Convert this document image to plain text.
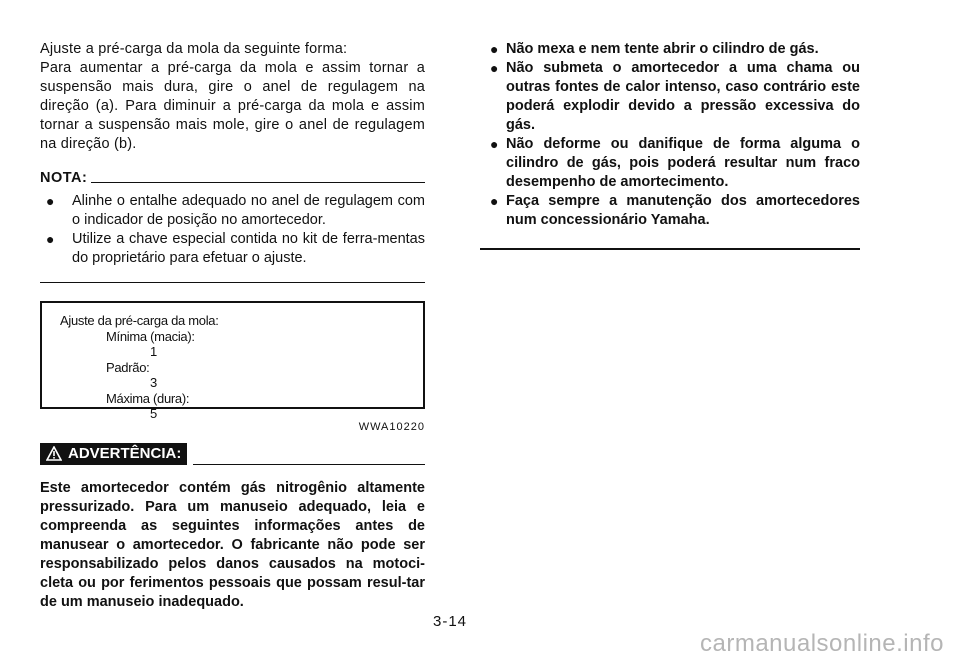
Ajuste a pré-carga da mola da seguinte forma:

Para aumentar a pré-carga da mola e assim tornar a suspensão mais dura, gire o anel de regulagem na direção (a). Para diminuir a pré-carga da mola e assim tornar a suspensão mais mole, gire o anel de regulagem na direção (b).

NOTA:
●	Alinhe o entalhe adequado no anel de regulagem com o indicador de posição no amortecedor.
●	Utilize a chave especial contida no kit de ferra-mentas do proprietário para efetuar o ajuste.
Ajuste da pré-carga da mola:
Mínima (macia):
1
Padrão:
3
Máxima (dura):
5
WWA10220
ADVERTÊNCIA:

Este amortecedor contém gás nitrogênio altamente pressurizado. Para um manuseio adequado, leia e compreenda as seguintes informações antes de manusear o amortecedor. O fabricante não pode ser responsabilizado pelos danos causados na motoci-cleta ou por ferimentos pessoais que possam resul-tar de um manuseio inadequado.

● Não mexa e nem tente abrir o cilindro de gás.
● Não submeta o amortecedor a uma chama ou outras fontes de calor intenso, caso contrário este poderá explodir devido a pressão excessiva do gás.
● Não deforme ou danifique de forma alguma o cilindro de gás, pois poderá resultar num fraco desempenho de amortecimento.
● Faça sempre a manutenção dos amortecedores num concessionário Yamaha.
3-14
carmanualsonline.info
